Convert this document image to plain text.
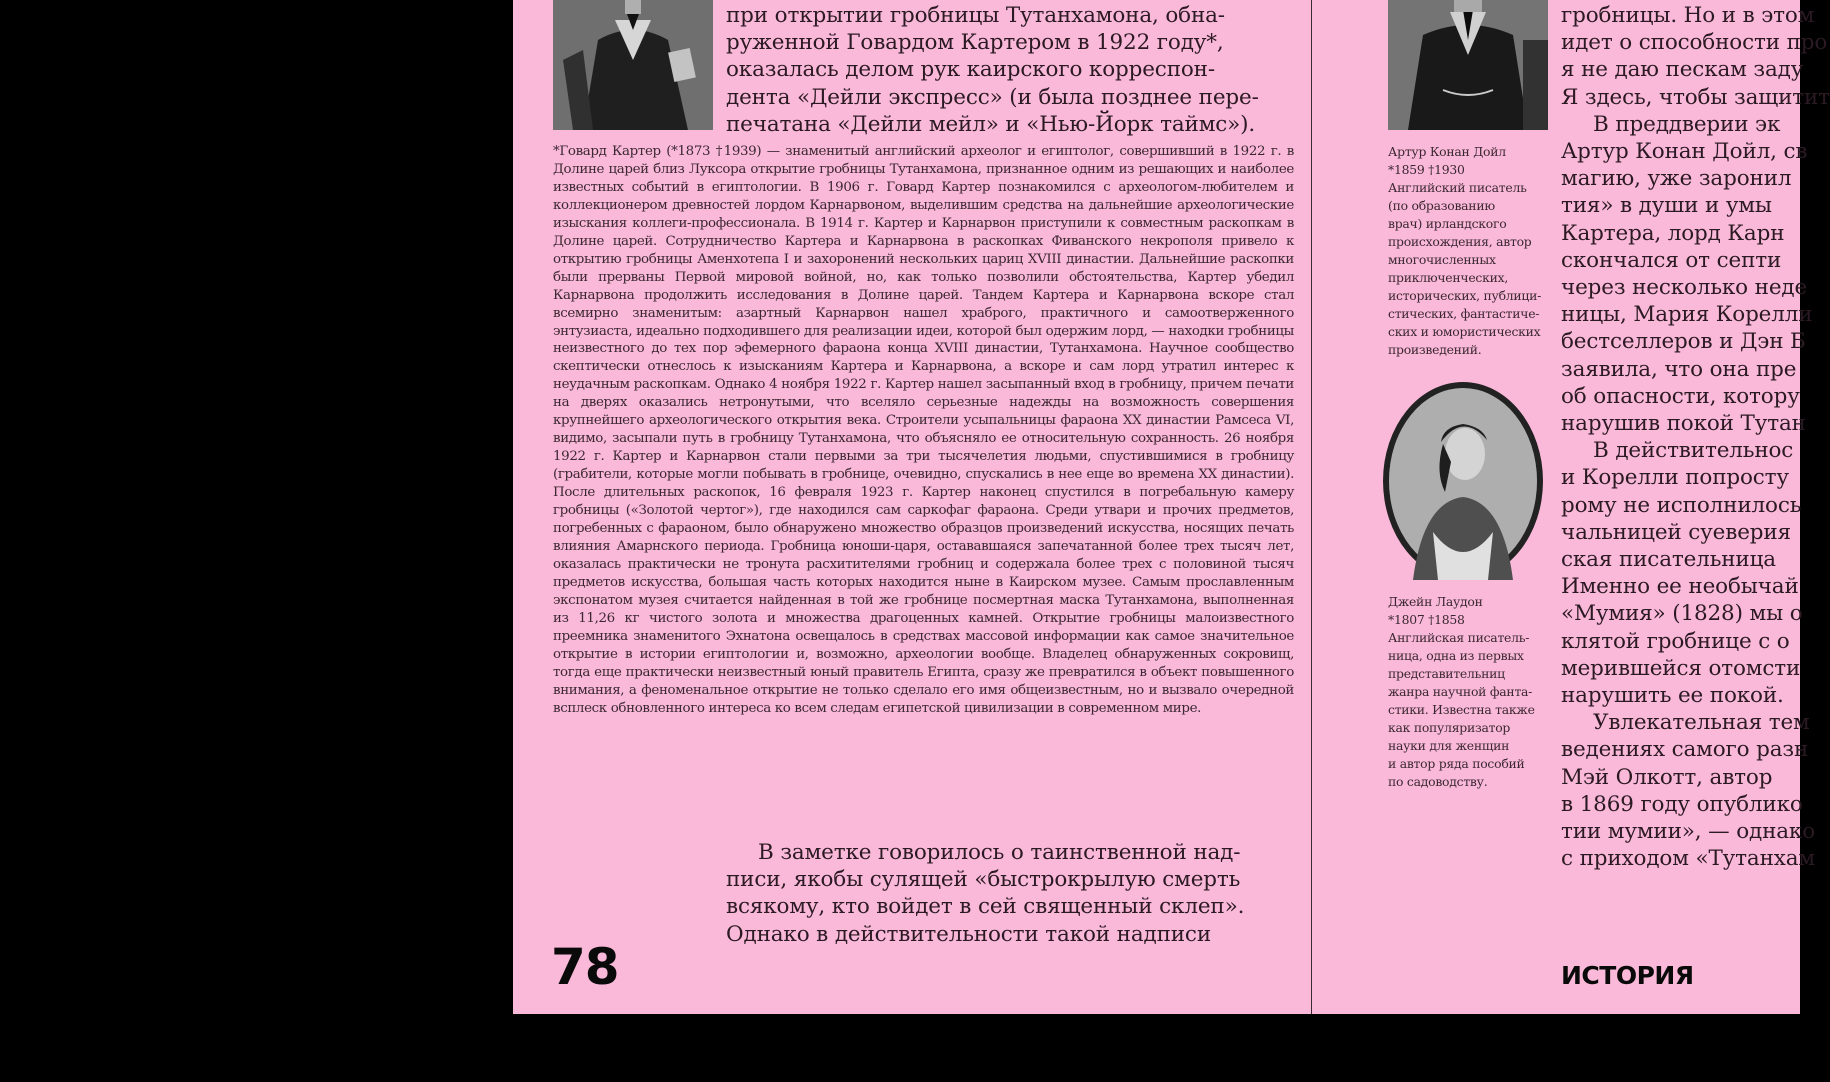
при открытии гробницы Тутанхамона, обна-
руженной Говардом Картером в 1922 году*,
оказалась делом рук каирского корреспон-
дента «Дейли экспресс» (и была позднее пере-
печатана «Дейли мейл» и «Нью-Йорк таймс»).
*Говард Картер (*1873 †1939) — знаменитый английский археолог и египтолог, совершивший в 1922 г. в Долине царей близ Луксора открытие гробницы Тутанхамона, признанное одним из решающих и наиболее известных событий в египтологии. В 1906 г. Говард Картер познакомился с археологом-любителем и коллекционером древностей лордом Карнарвоном, выделившим средства на дальнейшие археологические изыскания коллеги-профессионала. В 1914 г. Картер и Карнарвон приступили к совместным раскопкам в Долине царей. Сотрудничество Картера и Карнарвона в раскопках Фиванского некрополя привело к открытию гробницы Аменхотепа I и захоронений нескольких цариц XVIII династии. Дальнейшие раскопки были прерваны Первой мировой войной, но, как только позволили обстоятельства, Картер убедил Карнарвона продолжить исследования в Долине царей. Тандем Картера и Карнарвона вскоре стал всемирно знаменитым: азартный Карнарвон нашел храброго, практичного и самоотверженного энтузиаста, идеально подходившего для реализации идеи, которой был одержим лорд, — находки гробницы неизвестного до тех пор эфемерного фараона конца XVIII династии, Тутанхамона. Научное сообщество скептически отнеслось к изысканиям Картера и Карнарвона, а вскоре и сам лорд утратил интерес к неудачным раскопкам. Однако 4 ноября 1922 г. Картер нашел засыпанный вход в гробницу, причем печати на дверях оказались нетронутыми, что вселяло серьезные надежды на возможность совершения крупнейшего археологического открытия века. Строители усыпальницы фараона XX династии Рамсеса VI, видимо, засыпали путь в гробницу Тутанхамона, что объясняло ее относительную сохранность. 26 ноября 1922 г. Картер и Карнарвон стали первыми за три тысячелетия людьми, спустившимися в гробницу (грабители, которые могли побывать в гробнице, очевидно, спускались в нее еще во времена XX династии). После длительных раскопок, 16 февраля 1923 г. Картер наконец спустился в погребальную камеру гробницы («Золотой чертог»), где находился сам саркофаг фараона. Среди утвари и прочих предметов, погребенных с фараоном, было обнаружено множество образцов произведений искусства, носящих печать влияния Амарнского периода. Гробница юноши-царя, остававшаяся запечатанной более трех тысяч лет, оказалась практически не тронута расхитителями гробниц и содержала более трех с половиной тысяч предметов искусства, большая часть которых находится ныне в Каирском музее. Самым прославленным экспонатом музея считается найденная в той же гробнице посмертная маска Тутанхамона, выполненная из 11,26 кг чистого золота и множества драгоценных камней. Открытие гробницы малоизвестного преемника знаменитого Эхнатона освещалось в средствах массовой информации как самое значительное открытие в истории египтологии и, возможно, археологии вообще. Владелец обнаруженных сокровищ, тогда еще практически неизвестный юный правитель Египта, сразу же превратился в объект повышенного внимания, а феноменальное открытие не только сделало его имя общеизвестным, но и вызвало очередной всплеск обновленного интереса ко всем следам египетской цивилизации в современном мире.
В заметке говорилось о таинственной над-
писи, якобы сулящей «быстрокрылую смерть
всякому, кто войдет в сей священный склеп».
Однако в действительности такой надписи
78
Артур Конан Дойл
*1859 †1930
Английский писатель
(по образованию
врач) ирландского
происхождения, автор
многочисленных
приключенческих,
исторических, публици-
стических, фантастиче-
ских и юмористических
произведений.
Джейн Лаудон
*1807 †1858
Английская писатель-
ница, одна из первых
представительниц
жанра научной фанта-
стики. Известна также
как популяризатор
науки для женщин
и автор ряда пособий
по садоводству.
гробницы. Но и в этом
идет о способности про
я не даю пескам заду
Я здесь, чтобы защитит
В преддверии эк
Артур Конан Дойл, св
магию, уже заронил
тия» в души и умы
Картера, лорд Карн
скончался от септи
через несколько неде
ницы, Мария Корелли
бестселлеров и Дэн Б
заявила, что она пре
об опасности, котору
нарушив покой Тутан
В действительнос
и Корелли попросту
рому не исполнилось
чальницей суеверия
ская писательница
Именно ее необычай
«Мумия» (1828) мы о
клятой гробнице с о
мерившейся отомсти
нарушить ее покой.
Увлекательная тем
ведениях самого разн
Мэй Олкотт, автор
в 1869 году опублико
тии мумии», — однако
с приходом «Тутанхам
ИСТОРИЯ
